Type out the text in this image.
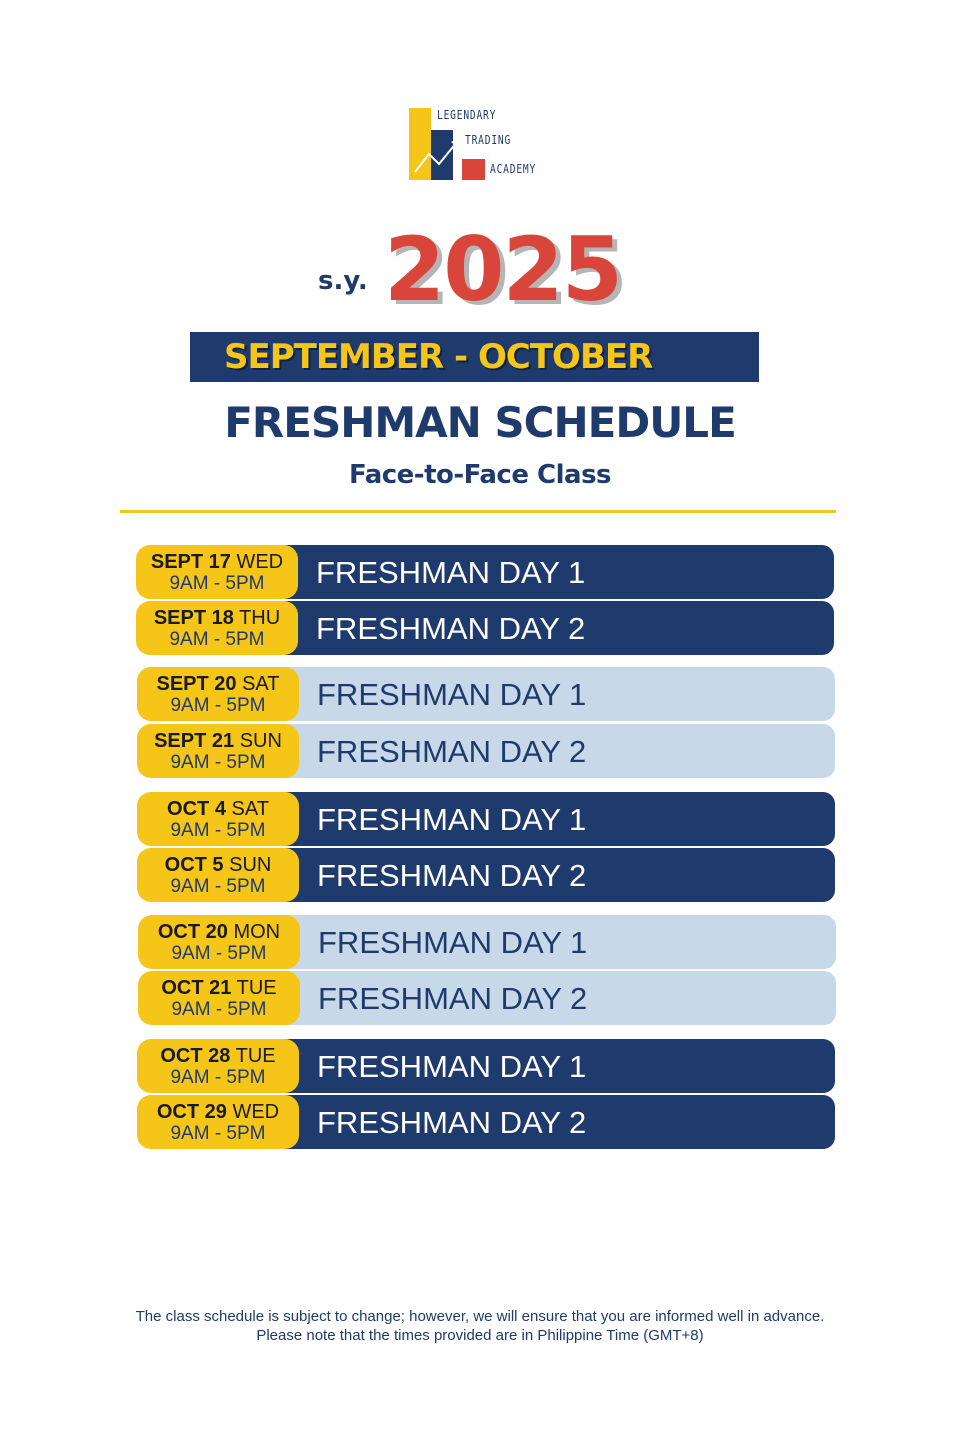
LEGENDARY
TRADING
ACADEMY
s.y. 2025
SEPTEMBER - OCTOBER
FRESHMAN SCHEDULE
Face-to-Face Class
FRESHMAN DAY 1
SEPT 17 WED
9AM - 5PM
FRESHMAN DAY 2
SEPT 18 THU
9AM - 5PM
FRESHMAN DAY 1
SEPT 20 SAT
9AM - 5PM
FRESHMAN DAY 2
SEPT 21 SUN
9AM - 5PM
FRESHMAN DAY 1
OCT 4 SAT
9AM - 5PM
FRESHMAN DAY 2
OCT 5 SUN
9AM - 5PM
FRESHMAN DAY 1
OCT 20 MON
9AM - 5PM
FRESHMAN DAY 2
OCT 21 TUE
9AM - 5PM
FRESHMAN DAY 1
OCT 28 TUE
9AM - 5PM
FRESHMAN DAY 2
OCT 29 WED
9AM - 5PM
The class schedule is subject to change; however, we will ensure that you are informed well in advance. Please note that the times provided are in Philippine Time (GMT+8)
